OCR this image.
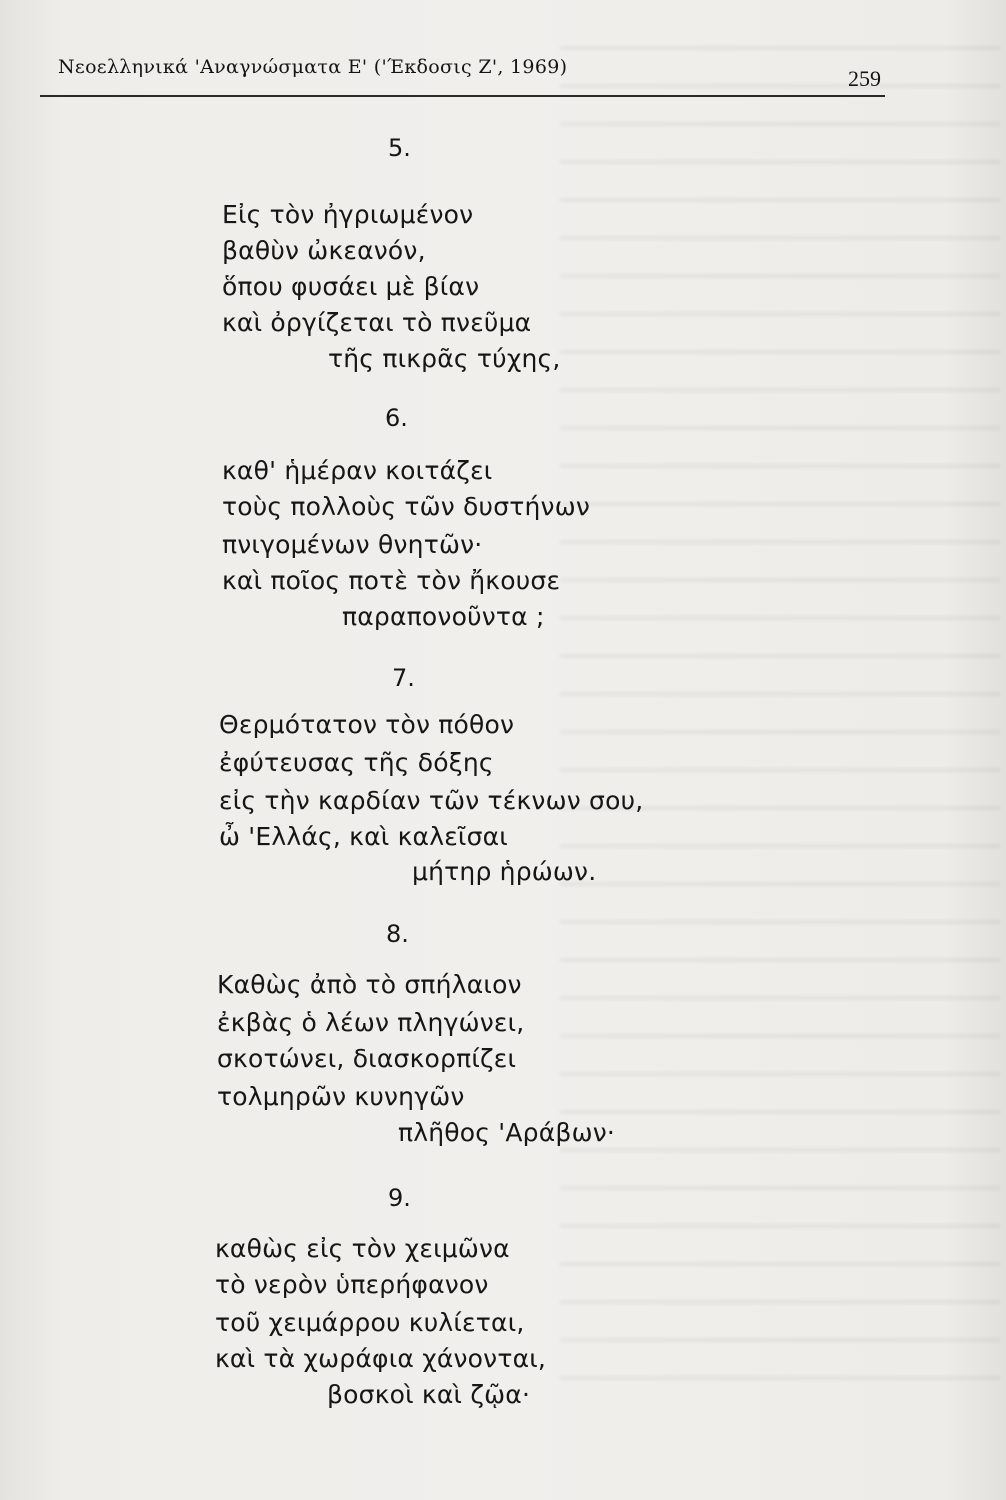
Νεοελληνικά 'Αναγνώσματα Ε' ('Έκδοσις Ζ', 1969)	259
5.
Εἰς τὸν ἠγριωμένον
βαθὺν ὠκεανόν,
ὅπου φυσάει μὲ βίαν
καὶ ὀργίζεται τὸ πνεῦμα
τῆς πικρᾶς τύχης,
6.
καθ' ἡμέραν κοιτάζει
τοὺς πολλοὺς τῶν δυστήνων
πνιγομένων θνητῶν·
καὶ ποῖος ποτὲ τὸν ἤκουσε
παραπονοῦντα ;
7.
Θερμότατον τὸν πόθον
ἐφύτευσας τῆς δόξης
εἰς τὴν καρδίαν τῶν τέκνων σου,
ὦ 'Ελλάς, καὶ καλεῖσαι
μήτηρ ἡρώων.
8.
Καθὼς ἀπὸ τὸ σπήλαιον
ἐκβὰς ὁ λέων πληγώνει,
σκοτώνει, διασκορπίζει
τολμηρῶν κυνηγῶν
πλῆθος 'Αράβων·
9.
καθὼς εἰς τὸν χειμῶνα
τὸ νερὸν ὑπερήφανον
τοῦ χειμάρρου κυλίεται,
καὶ τὰ χωράφια χάνονται,
βοσκοὶ καὶ ζῷα·
